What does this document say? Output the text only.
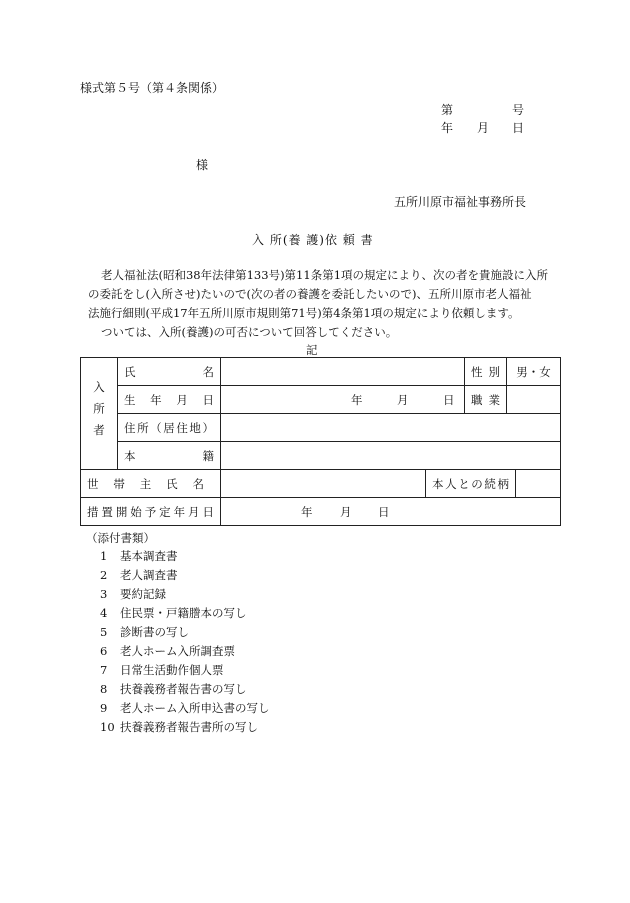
様式第５号（第４条関係）
第	号
年 月 日
様
五所川原市福祉事務所長
入 所(養 護)依 頼 書
老人福祉法(昭和38年法律第133号)第11条第1項の規定により、次の者を貴施設に入所
の委託をし(入所させ)たいので(次の者の養護を委託したいので)、五所川原市老人福祉
法施行細則(平成17年五所川原市規則第71号)第4条第1項の規定により依頼します。
ついては、入所(養護)の可否について回答してください。
記
入所者	氏名			性別	男・女	

	生年月日	年 月 日		職業		

	住所（居住地）					

	本籍					

世帯主氏名			本人との続柄			

措置開始予定年月日		年 月 日				
（添付書類）
1 基本調査書
2 老人調査書
3 要約記録
4 住民票・戸籍謄本の写し
5 診断書の写し
6 老人ホーム入所調査票
7 日常生活動作個人票
8 扶養義務者報告書の写し
9 老人ホーム入所申込書の写し
10 扶養義務者報告書所の写し
